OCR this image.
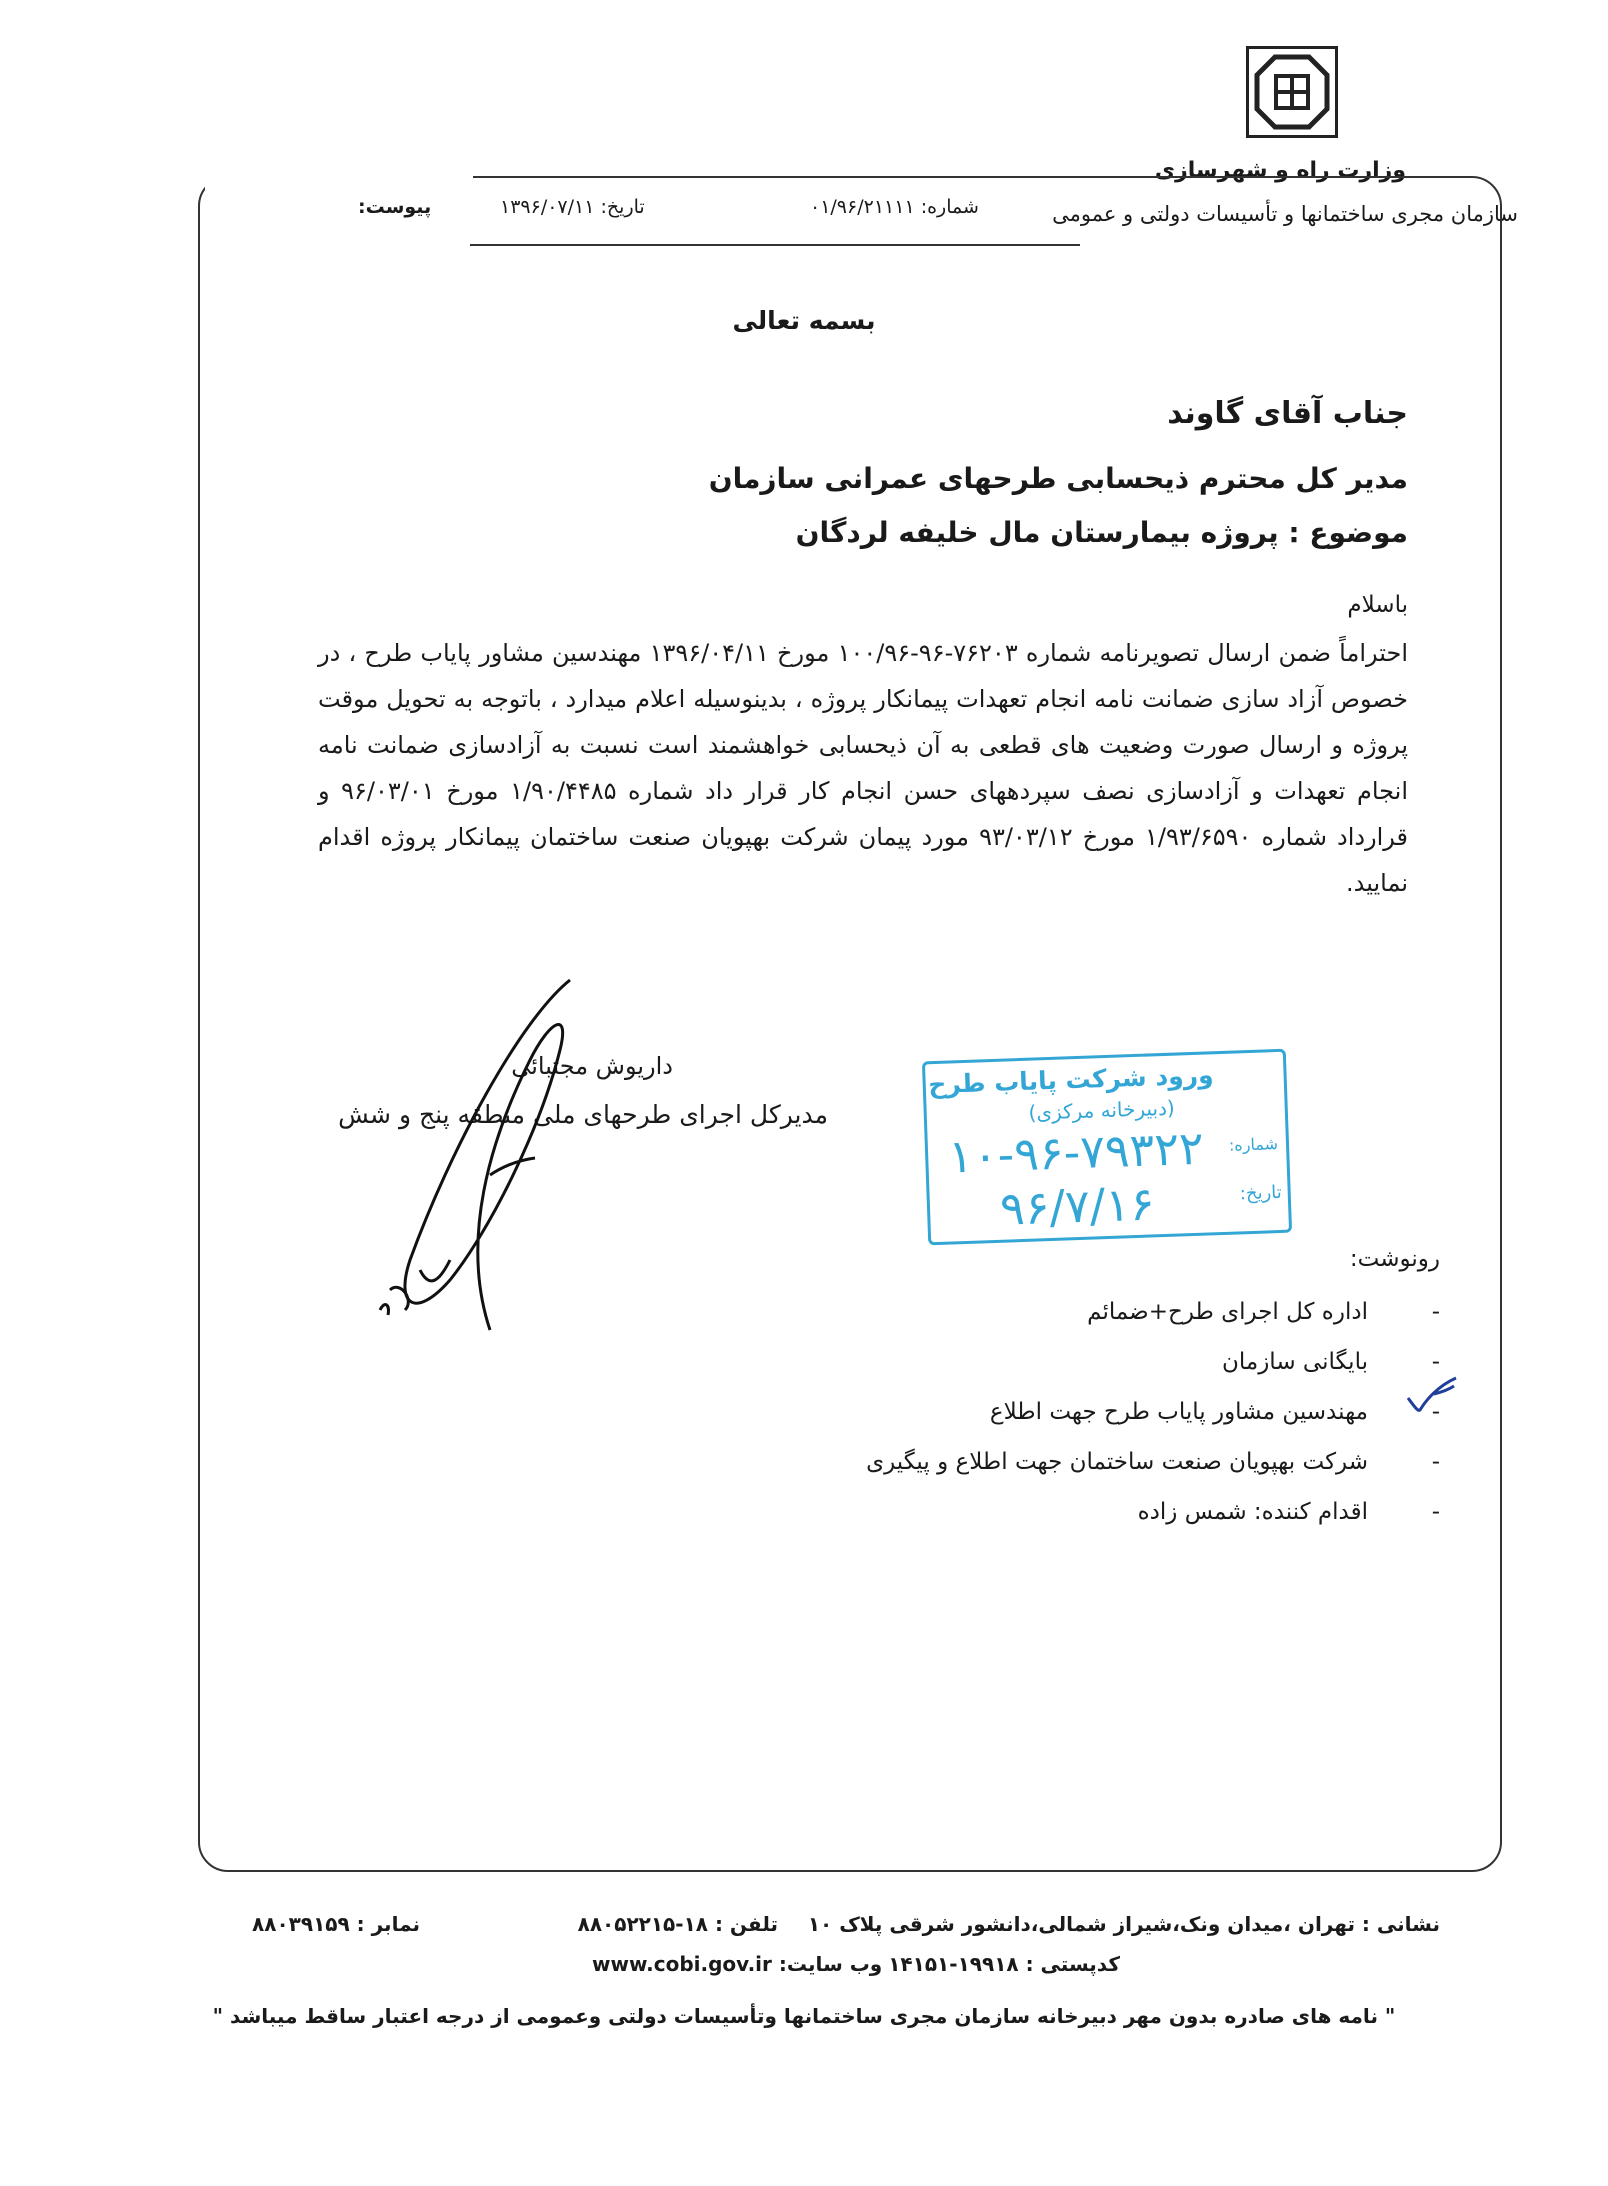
وزارت راه و شهرسازی
سازمان مجری ساختمانها و تأسیسات دولتی و عمومی
شماره: ۰۱/۹۶/۲۱۱۱۱
تاریخ: ۱۳۹۶/۰۷/۱۱
پیوست:
بسمه تعالی
جناب آقای گاوند
مدیر کل محترم ذیحسابی طرحهای عمرانی سازمان
موضوع : پروژه بیمارستان مال خلیفه لردگان
باسلام
احتراماً ضمن ارسال تصویرنامه شماره ۷۶۲۰۳-۹۶-۱۰۰/۹۶ مورخ ۱۳۹۶/۰۴/۱۱ مهندسین مشاور پایاب طرح ، در خصوص آزاد سازی ضمانت نامه انجام تعهدات پیمانکار پروژه ، بدینوسیله اعلام میدارد ، باتوجه به تحویل موقت پروژه و ارسال صورت وضعیت های قطعی به آن ذیحسابی خواهشمند است نسبت به آزادسازی ضمانت نامه انجام تعهدات و آزادسازی نصف سپردههای حسن انجام کار قرار داد شماره ۱/۹۰/۴۴۸۵ مورخ ۹۶/۰۳/۰۱ و قرارداد شماره ۱/۹۳/۶۵۹۰ مورخ ۹۳/۰۳/۱۲ مورد پیمان شرکت بهپویان صنعت ساختمان پیمانکار پروژه اقدام نمایید.
داریوش مجتبائی
مدیرکل اجرای طرحهای ملی منطقه پنج و شش
ورود شرکت پایاب طرح
(دبیرخانه مرکزی)
شماره:
۱۰-۹۶-۷۹۳۲۲
تاریخ:
۹۶/۷/۱۶
رونوشت:
-
اداره کل اجرای طرح+ضمائم
-
بایگانی سازمان
-
مهندسین مشاور پایاب طرح جهت اطلاع
-
شرکت بهپویان صنعت ساختمان جهت اطلاع و پیگیری
-
اقدام کننده: شمس زاده
نشانی : تهران ،میدان ونک،شیراز شمالی،دانشور شرقی پلاک ۱۰
تلفن : ۱۸-۸۸۰۵۲۲۱۵
نمابر : ۸۸۰۳۹۱۵۹
کدپستی : ۱۹۹۱۸-۱۴۱۵۱
www.cobi.gov.ir وب سایت:
" نامه های صادره بدون مهر دبیرخانه سازمان مجری ساختمانها وتأسیسات دولتی وعمومی از درجه اعتبار ساقط میباشد "
